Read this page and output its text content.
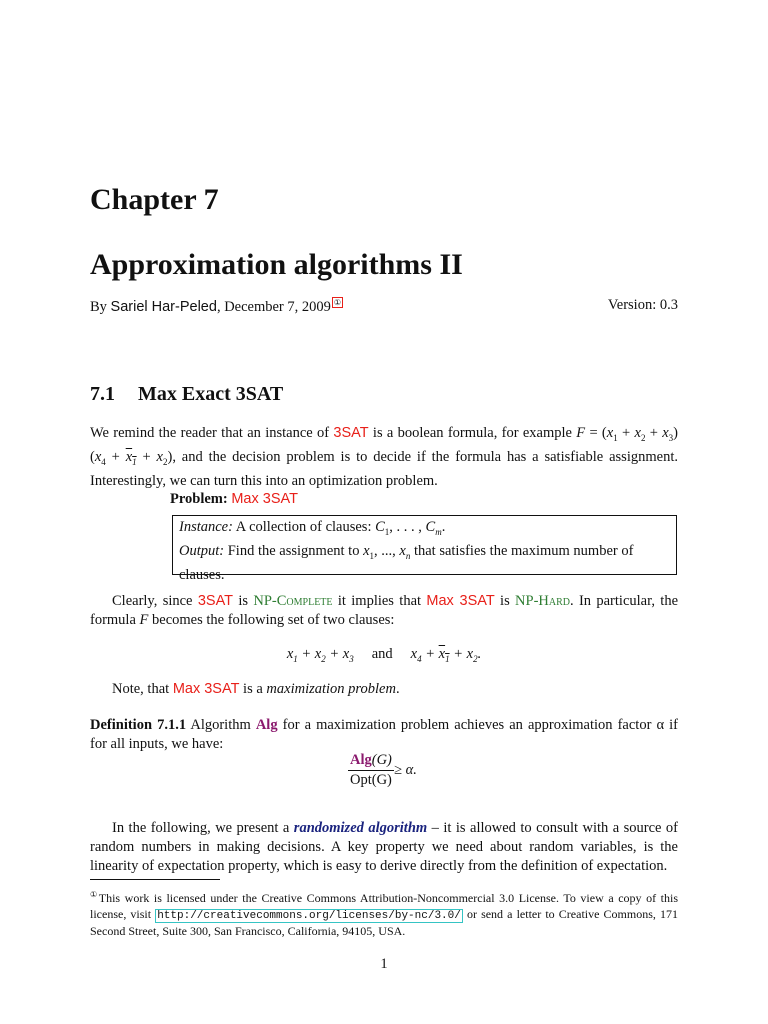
Chapter 7
Approximation algorithms II
By Sariel Har-Peled, December 7, 2009 ①	Version: 0.3
7.1 Max Exact 3SAT
We remind the reader that an instance of 3SAT is a boolean formula, for example $F = (x_1 + x_2 + x_3)(x_4 + x_1 + x_2)$, and the decision problem is to decide if the formula has a satisfiable assignment. Interestingly, we can turn this into an optimization problem.
Problem: Max 3SAT
Instance: A collection of clauses: $C_1$, . . . , $C_m$.
Output: Find the assignment to $x_1$, ..., $x_n$ that satisfies the maximum number of clauses.
Clearly, since 3SAT is NP-Complete it implies that Max 3SAT is NP-Hard. In particular, the formula F becomes the following set of two clauses:
$x_1 + x_2 + x_3$ and $x_4 + x_1 + x_2$.
Note, that Max 3SAT is a maximization problem.
Definition 7.1.1 Algorithm Alg for a maximization problem achieves an approximation factor α if for all inputs, we have:
Alg(G)
Opt(G)
≥ α.
In the following, we present a randomized algorithm – it is allowed to consult with a source of random numbers in making decisions. A key property we need about random variables, is the linearity of expectation property, which is easy to derive directly from the definition of expectation.
①This work is licensed under the Creative Commons Attribution-Noncommercial 3.0 License. To view a copy of this license, visit http://creativecommons.org/licenses/by-nc/3.0/ or send a letter to Creative Commons, 171 Second Street, Suite 300, San Francisco, California, 94105, USA.
1
